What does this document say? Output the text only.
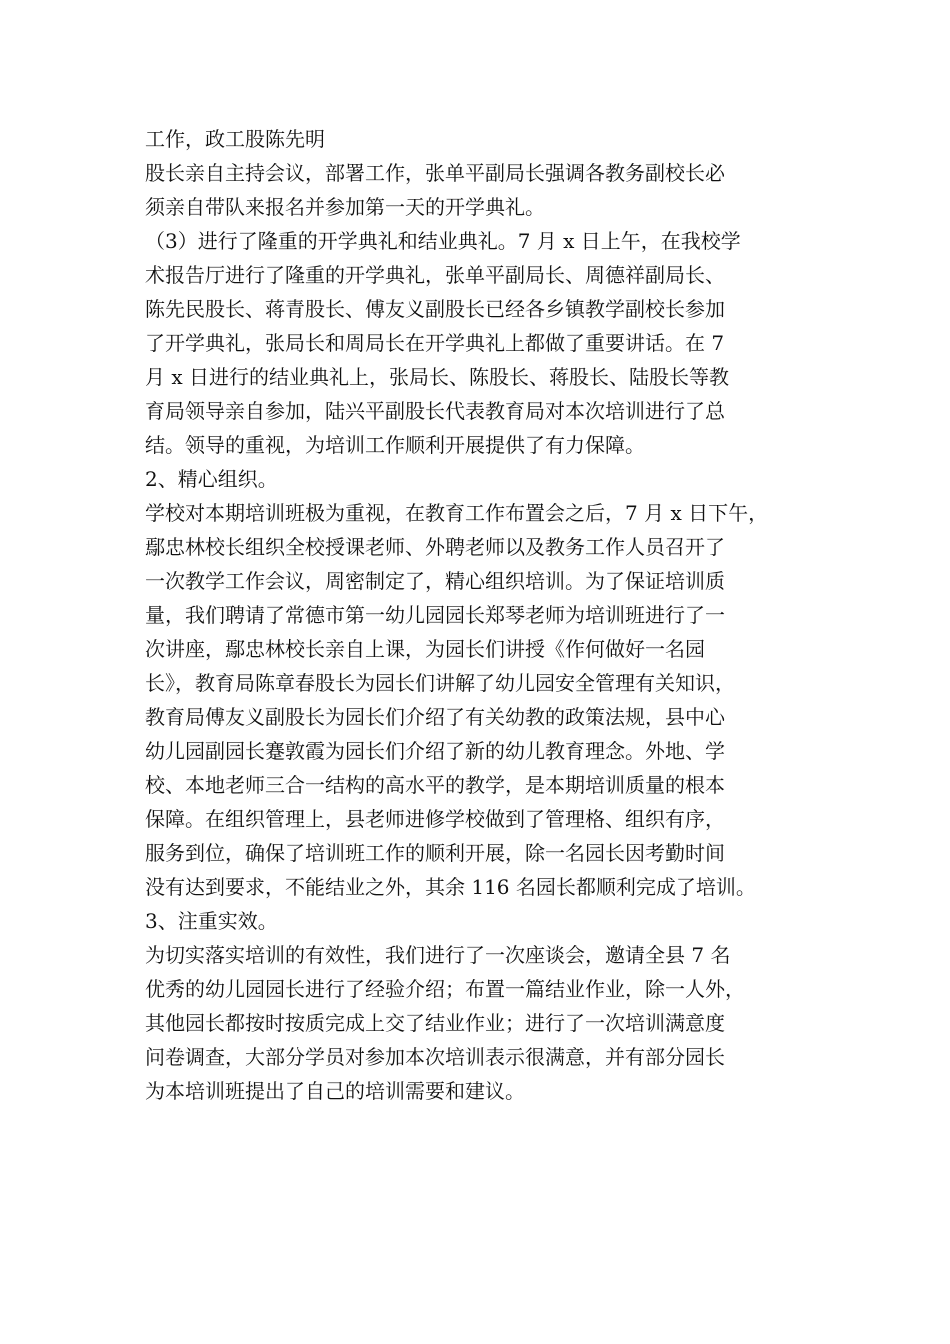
工作，政工股陈先明
股长亲自主持会议，部署工作，张单平副局长强调各教务副校长必
须亲自带队来报名并参加第一天的开学典礼。
（3）进行了隆重的开学典礼和结业典礼。7 月 x 日上午，在我校学
术报告厅进行了隆重的开学典礼，张单平副局长、周德祥副局长、
陈先民股长、蒋青股长、傅友义副股长已经各乡镇教学副校长参加
了开学典礼，张局长和周局长在开学典礼上都做了重要讲话。在 7
月 x 日进行的结业典礼上，张局长、陈股长、蒋股长、陆股长等教
育局领导亲自参加，陆兴平副股长代表教育局对本次培训进行了总
结。领导的重视，为培训工作顺利开展提供了有力保障。
2、精心组织。
学校对本期培训班极为重视，在教育工作布置会之后，7 月 x 日下午，
鄢忠林校长组织全校授课老师、外聘老师以及教务工作人员召开了
一次教学工作会议，周密制定了，精心组织培训。为了保证培训质
量，我们聘请了常德市第一幼儿园园长郑琴老师为培训班进行了一
次讲座，鄢忠林校长亲自上课，为园长们讲授《作何做好一名园
长》，教育局陈章春股长为园长们讲解了幼儿园安全管理有关知识，
教育局傅友义副股长为园长们介绍了有关幼教的政策法规，县中心
幼儿园副园长蹇敦霞为园长们介绍了新的幼儿教育理念。外地、学
校、本地老师三合一结构的高水平的教学，是本期培训质量的根本
保障。在组织管理上，县老师进修学校做到了管理格、组织有序，
服务到位，确保了培训班工作的顺利开展，除一名园长因考勤时间
没有达到要求，不能结业之外，其余 116 名园长都顺利完成了培训。
3、注重实效。
为切实落实培训的有效性，我们进行了一次座谈会，邀请全县 7 名
优秀的幼儿园园长进行了经验介绍；布置一篇结业作业，除一人外，
其他园长都按时按质完成上交了结业作业；进行了一次培训满意度
问卷调查，大部分学员对参加本次培训表示很满意，并有部分园长
为本培训班提出了自己的培训需要和建议。
